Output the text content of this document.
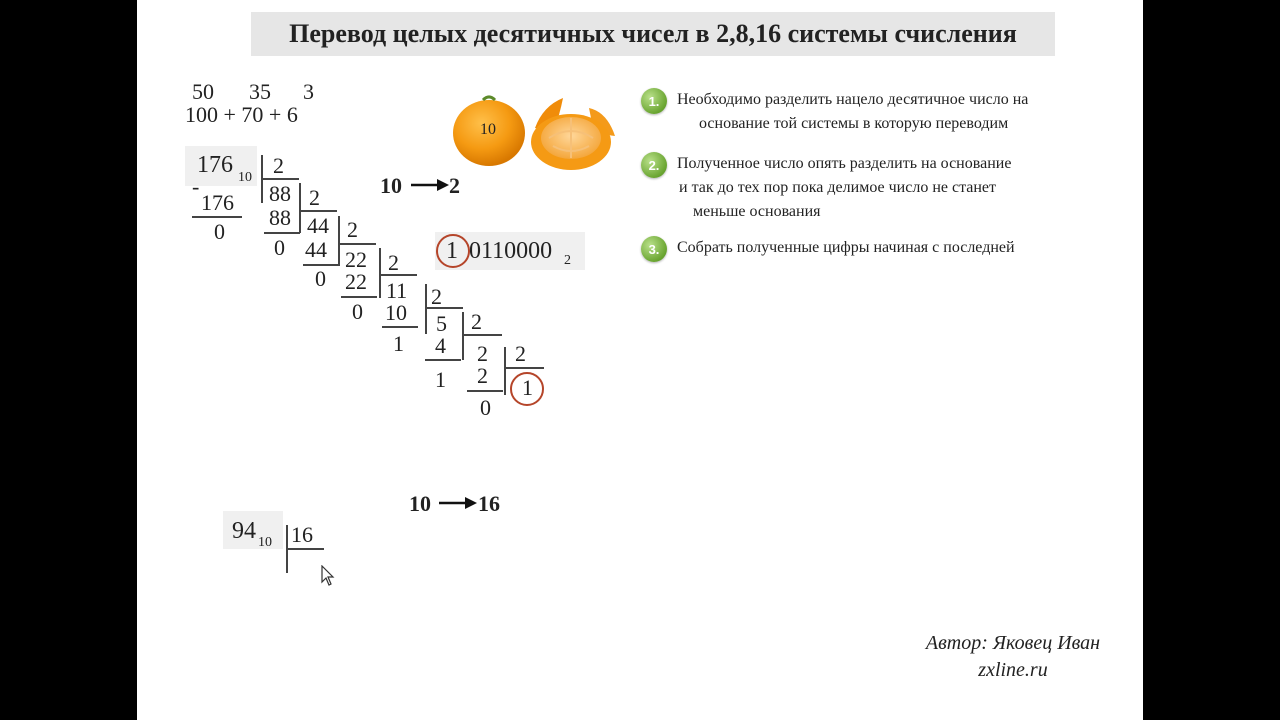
Перевод целых десятичных чисел в 2,8,16 системы счисления
50 35 3
100 + 70 + 6
10
10 2
176 10
-
2
176
0
88 2
88
0
44 2
44
0
22 2
22
0
11 2
10
1
5 2
4
1
2 2
2
0
1
1 0110000 2
10 16
94 10 16
1.	Необходимо разделить нацело десятичное число на
основание той системы в которую переводим
2.	Полученное число опять разделить на основание
и так до тех пор пока делимое число не станет
меньше основания
3.	Собрать полученные цифры начиная с последней
Автор: Яковец Иван
zxline.ru
